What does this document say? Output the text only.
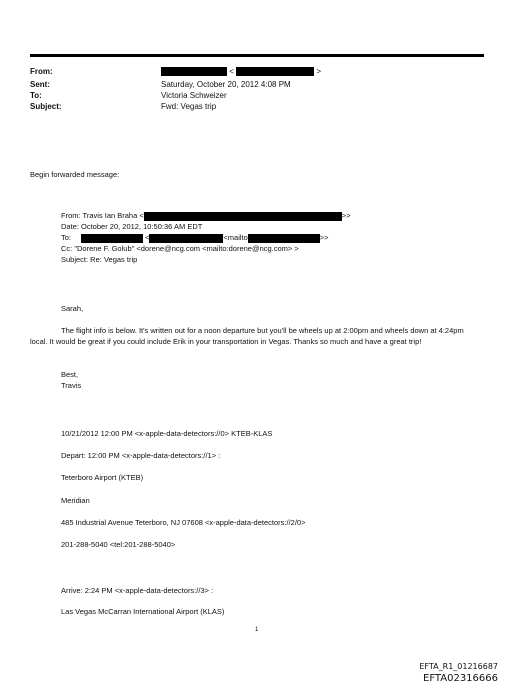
From:	<	>
Sent:	Saturday, October 20, 2012 4:08 PM
To:	Victoria Schweizer
Subject:	Fwd: Vegas trip
Begin forwarded message:
From: Travis Ian Braha <	>>
Date: October 20, 2012, 10:50:36 AM EDT
To:	<	<mailto	>>
Cc: "Dorene F. Golub" <dorene@ncg.com <mailto:dorene@ncg.com> >
Subject: Re: Vegas trip
Sarah,
The flight info is below. It's written out for a noon departure but you'll be wheels up at 2:00pm and wheels down at 4:24pm local. It would be great if you could include Erik in your transportation in Vegas. Thanks so much and have a great trip!
Best,
Travis
10/21/2012 12:00 PM <x-apple-data-detectors://0> KTEB-KLAS
Depart: 12:00 PM <x-apple-data-detectors://1> :
Teterboro Airport (KTEB)
Meridian
485 Industrial Avenue Teterboro, NJ 07608 <x-apple-data-detectors://2/0>
201-288-5040 <tel:201-288-5040>
Arrive: 2:24 PM <x-apple-data-detectors://3> :
Las Vegas McCarran International Airport (KLAS)
1
EFTA_R1_01216687
EFTA02316666
